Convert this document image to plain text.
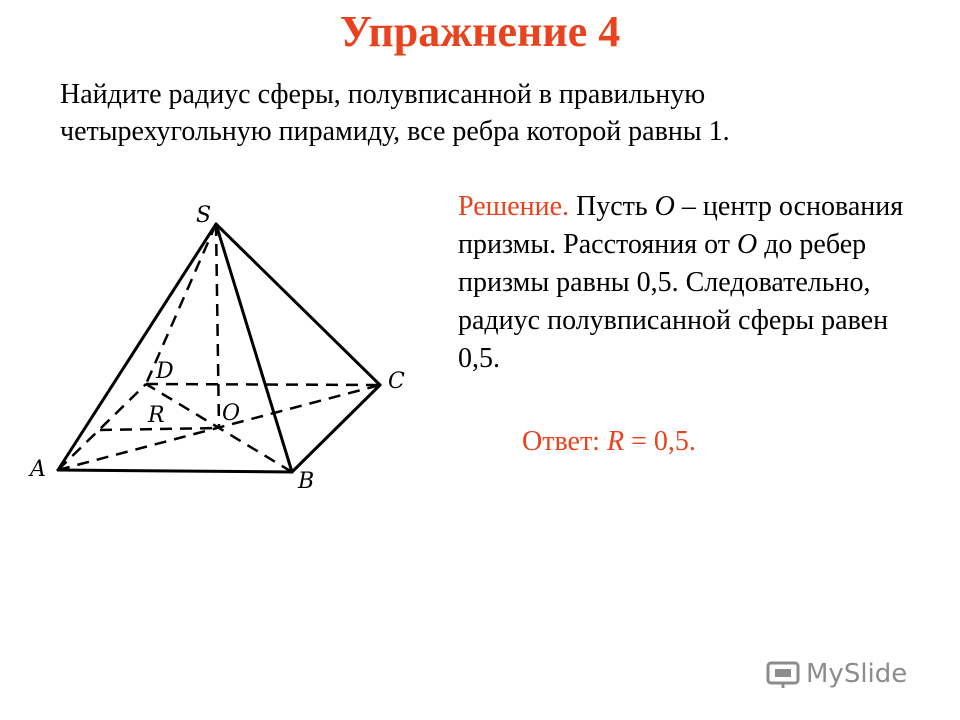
Упражнение 4

Найдите радиус сферы, полувписанной в правильную четырехугольную пирамиду, все ребра которой равны 1.

Решение. Пусть O – центр основания призмы. Расстояния от O до ребер призмы равны 0,5. Следовательно, радиус полувписанной сферы равен 0,5.

Ответ: R = 0,5.

S
A	B
C
D
O
R
MySlide
